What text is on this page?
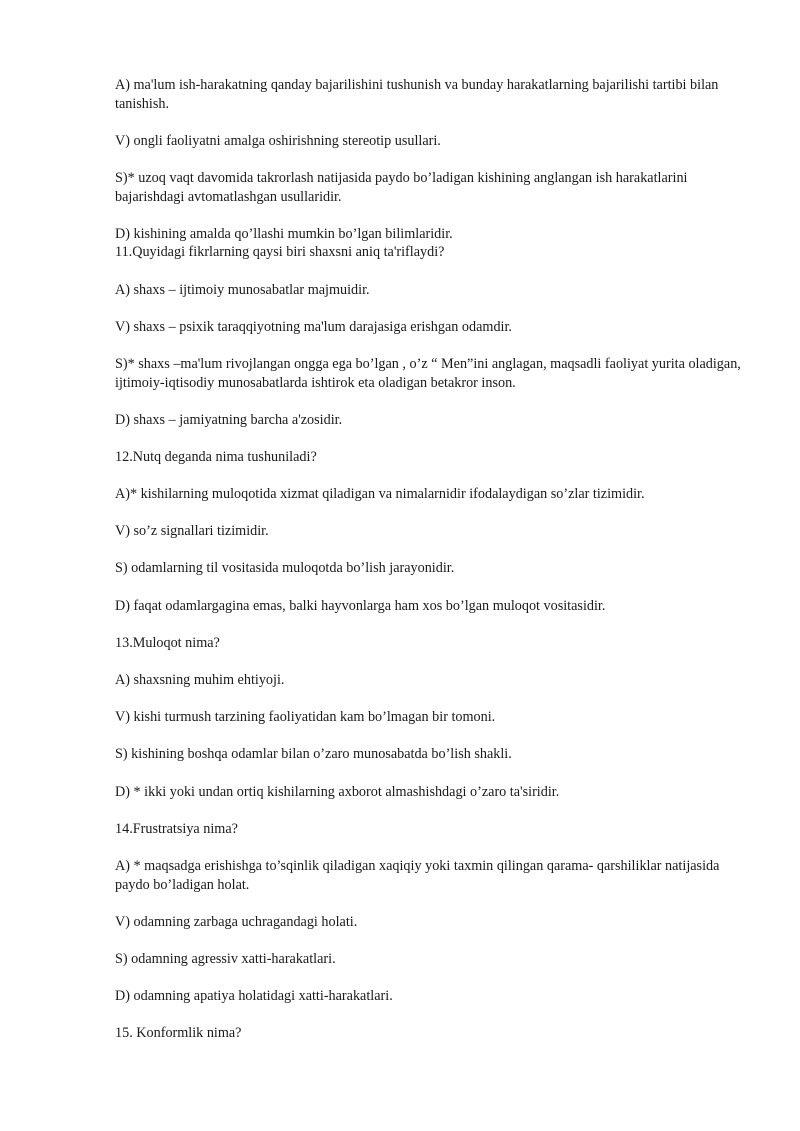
A) ma'lum ish-harakatning qanday bajarilishini tushunish va bunday harakatlarning bajarilishi tartibi bilan tanishish.

V) ongli faoliyatni amalga oshirishning stereotip usullari.

S)* uzoq vaqt davomida takrorlash natijasida paydo bo’ladigan kishining anglangan ish harakatlarini bajarishdagi avtomatlashgan usullaridir.

D) kishining amalda qo’llashi mumkin bo’lgan bilimlaridir.

11.Quyidagi fikrlarning qaysi biri shaxsni aniq ta'riflaydi?

A) shaxs – ijtimoiy munosabatlar majmuidir.

V) shaxs – psixik taraqqiyotning ma'lum darajasiga erishgan odamdir.

S)* shaxs –ma'lum rivojlangan ongga ega bo’lgan , o’z “ Men”ini anglagan, maqsadli faoliyat yurita oladigan, ijtimoiy-iqtisodiy munosabatlarda ishtirok eta oladigan betakror inson.

D) shaxs – jamiyatning barcha a'zosidir.

12.Nutq deganda nima tushuniladi?

A)* kishilarning muloqotida xizmat qiladigan va nimalarnidir ifodalaydigan so’zlar tizimidir.

V) so’z signallari tizimidir.

S) odamlarning til vositasida muloqotda bo’lish jarayonidir.

D) faqat odamlargagina emas, balki hayvonlarga ham xos bo’lgan muloqot vositasidir.

13.Muloqot nima?

A) shaxsning muhim ehtiyoji.

V) kishi turmush tarzining faoliyatidan kam bo’lmagan bir tomoni.

S) kishining boshqa odamlar bilan o’zaro munosabatda bo’lish shakli.

D) * ikki yoki undan ortiq kishilarning axborot almashishdagi o’zaro ta'siridir.

14.Frustratsiya nima?

A) * maqsadga erishishga to’sqinlik qiladigan xaqiqiy yoki taxmin qilingan qarama- qarshiliklar natijasida paydo bo’ladigan holat.

V) odamning zarbaga uchragandagi holati.

S) odamning agressiv xatti-harakatlari.

D) odamning apatiya holatidagi xatti-harakatlari.

15. Konformlik nima?
